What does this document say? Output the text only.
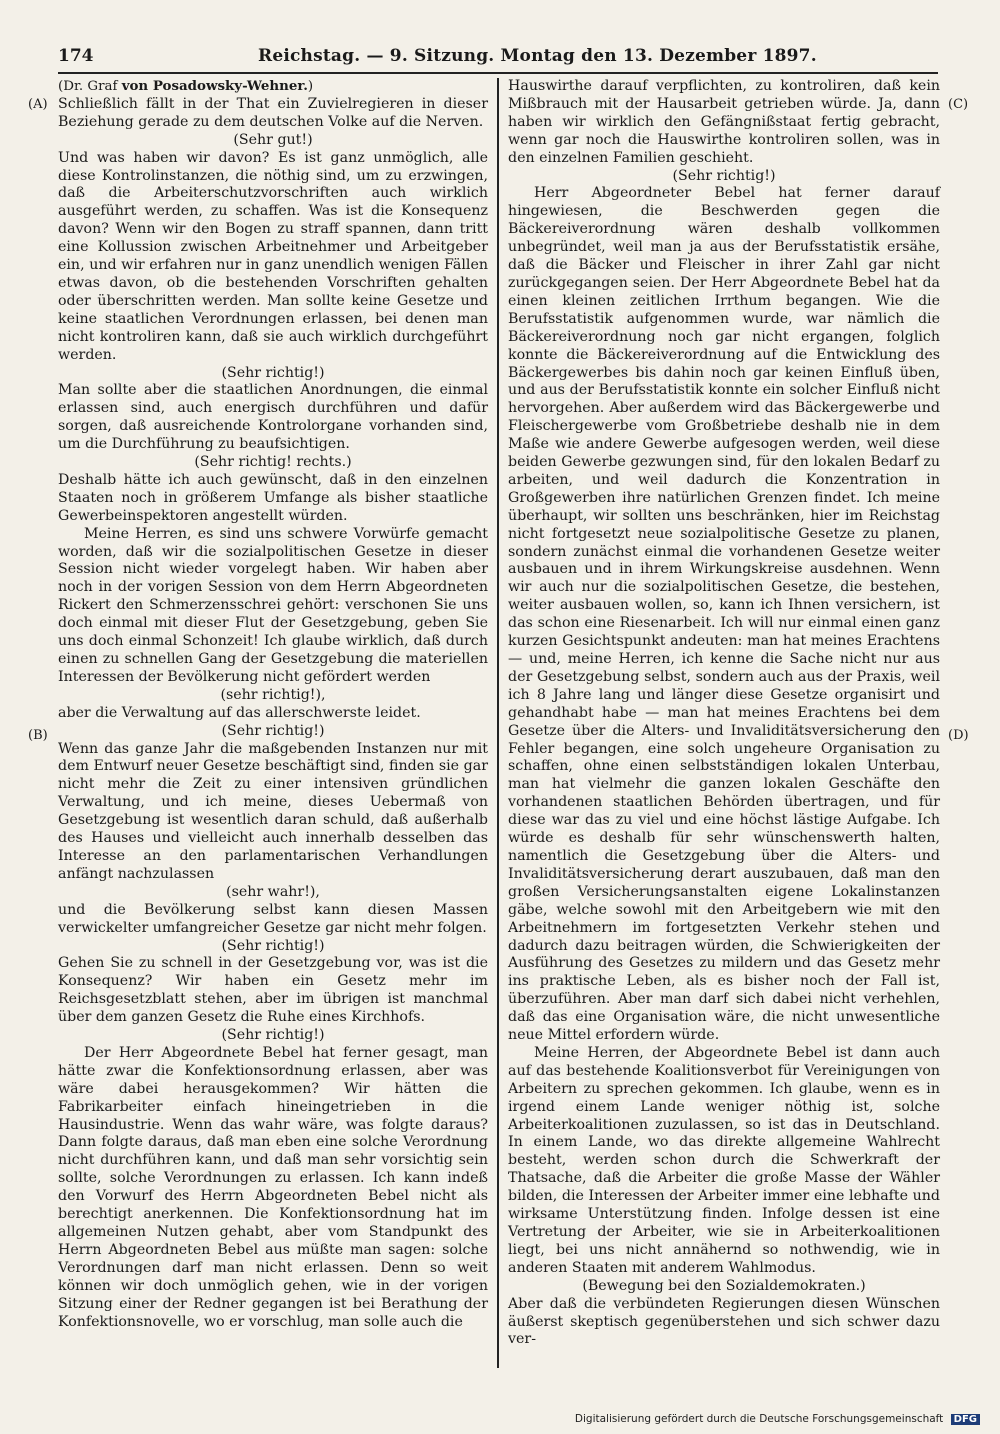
174	Reichstag. — 9. Sitzung. Montag den 13. Dezember 1897.
(A)
(B)
(C)
(D)

(Dr. Graf von Posadowsky-Wehner.)

Schließlich fällt in der That ein Zuvielregieren in dieser Beziehung gerade zu dem deutschen Volke auf die Nerven.

(Sehr gut!)

Und was haben wir davon? Es ist ganz unmöglich, alle diese Kontrolinstanzen, die nöthig sind, um zu erzwingen, daß die Arbeiterschutzvorschriften auch wirklich ausgeführt werden, zu schaffen. Was ist die Konsequenz davon? Wenn wir den Bogen zu straff spannen, dann tritt eine Kollussion zwischen Arbeitnehmer und Arbeitgeber ein, und wir erfahren nur in ganz unendlich wenigen Fällen etwas davon, ob die bestehenden Vorschriften gehalten oder überschritten werden. Man sollte keine Gesetze und keine staatlichen Verordnungen erlassen, bei denen man nicht kontroliren kann, daß sie auch wirklich durchgeführt werden.

(Sehr richtig!)

Man sollte aber die staatlichen Anordnungen, die einmal erlassen sind, auch energisch durchführen und dafür sorgen, daß ausreichende Kontrolorgane vorhanden sind, um die Durchführung zu beaufsichtigen.

(Sehr richtig! rechts.)

Deshalb hätte ich auch gewünscht, daß in den einzelnen Staaten noch in größerem Umfange als bisher staatliche Gewerbeinspektoren angestellt würden.

Meine Herren, es sind uns schwere Vorwürfe gemacht worden, daß wir die sozialpolitischen Gesetze in dieser Session nicht wieder vorgelegt haben. Wir haben aber noch in der vorigen Session von dem Herrn Abgeordneten Rickert den Schmerzensschrei gehört: verschonen Sie uns doch einmal mit dieser Flut der Gesetzgebung, geben Sie uns doch einmal Schonzeit! Ich glaube wirklich, daß durch einen zu schnellen Gang der Gesetzgebung die materiellen Interessen der Bevölkerung nicht gefördert werden

(sehr richtig!),

aber die Verwaltung auf das allerschwerste leidet.

(Sehr richtig!)

Wenn das ganze Jahr die maßgebenden Instanzen nur mit dem Entwurf neuer Gesetze beschäftigt sind, finden sie gar nicht mehr die Zeit zu einer intensiven gründlichen Verwaltung, und ich meine, dieses Uebermaß von Gesetzgebung ist wesentlich daran schuld, daß außerhalb des Hauses und vielleicht auch innerhalb desselben das Interesse an den parlamentarischen Verhandlungen anfängt nachzulassen

(sehr wahr!),

und die Bevölkerung selbst kann diesen Massen verwickelter umfangreicher Gesetze gar nicht mehr folgen.

(Sehr richtig!)

Gehen Sie zu schnell in der Gesetzgebung vor, was ist die Konsequenz? Wir haben ein Gesetz mehr im Reichsgesetzblatt stehen, aber im übrigen ist manchmal über dem ganzen Gesetz die Ruhe eines Kirchhofs.

(Sehr richtig!)

Der Herr Abgeordnete Bebel hat ferner gesagt, man hätte zwar die Konfektionsordnung erlassen, aber was wäre dabei herausgekommen? Wir hätten die Fabrikarbeiter einfach hineingetrieben in die Hausindustrie. Wenn das wahr wäre, was folgte daraus? Dann folgte daraus, daß man eben eine solche Verordnung nicht durchführen kann, und daß man sehr vorsichtig sein sollte, solche Verordnungen zu erlassen. Ich kann indeß den Vorwurf des Herrn Abgeordneten Bebel nicht als berechtigt anerkennen. Die Konfektionsordnung hat im allgemeinen Nutzen gehabt, aber vom Standpunkt des Herrn Abgeordneten Bebel aus müßte man sagen: solche Verordnungen darf man nicht erlassen. Denn so weit können wir doch unmöglich gehen, wie in der vorigen Sitzung einer der Redner gegangen ist bei Berathung der Konfektionsnovelle, wo er vorschlug, man solle auch die

Hauswirthe darauf verpflichten, zu kontroliren, daß kein Mißbrauch mit der Hausarbeit getrieben würde. Ja, dann haben wir wirklich den Gefängnißstaat fertig gebracht, wenn gar noch die Hauswirthe kontroliren sollen, was in den einzelnen Familien geschieht.

(Sehr richtig!)

Herr Abgeordneter Bebel hat ferner darauf hingewiesen, die Beschwerden gegen die Bäckereiverordnung wären deshalb vollkommen unbegründet, weil man ja aus der Berufsstatistik ersähe, daß die Bäcker und Fleischer in ihrer Zahl gar nicht zurückgegangen seien. Der Herr Abgeordnete Bebel hat da einen kleinen zeitlichen Irrthum begangen. Wie die Berufsstatistik aufgenommen wurde, war nämlich die Bäckereiverordnung noch gar nicht ergangen, folglich konnte die Bäckereiverordnung auf die Entwicklung des Bäckergewerbes bis dahin noch gar keinen Einfluß üben, und aus der Berufsstatistik konnte ein solcher Einfluß nicht hervorgehen. Aber außerdem wird das Bäckergewerbe und Fleischergewerbe vom Großbetriebe deshalb nie in dem Maße wie andere Gewerbe aufgesogen werden, weil diese beiden Gewerbe gezwungen sind, für den lokalen Bedarf zu arbeiten, und weil dadurch die Konzentration in Großgewerben ihre natürlichen Grenzen findet. Ich meine überhaupt, wir sollten uns beschränken, hier im Reichstag nicht fortgesetzt neue sozialpolitische Gesetze zu planen, sondern zunächst einmal die vorhandenen Gesetze weiter ausbauen und in ihrem Wirkungskreise ausdehnen. Wenn wir auch nur die sozialpolitischen Gesetze, die bestehen, weiter ausbauen wollen, so, kann ich Ihnen versichern, ist das schon eine Riesenarbeit. Ich will nur einmal einen ganz kurzen Gesichtspunkt andeuten: man hat meines Erachtens — und, meine Herren, ich kenne die Sache nicht nur aus der Gesetzgebung selbst, sondern auch aus der Praxis, weil ich 8 Jahre lang und länger diese Gesetze organisirt und gehandhabt habe — man hat meines Erachtens bei dem Gesetze über die Alters- und Invaliditätsversicherung den Fehler begangen, eine solch ungeheure Organisation zu schaffen, ohne einen selbstständigen lokalen Unterbau, man hat vielmehr die ganzen lokalen Geschäfte den vorhandenen staatlichen Behörden übertragen, und für diese war das zu viel und eine höchst lästige Aufgabe. Ich würde es deshalb für sehr wünschenswerth halten, namentlich die Gesetzgebung über die Alters- und Invaliditätsversicherung derart auszubauen, daß man den großen Versicherungsanstalten eigene Lokalinstanzen gäbe, welche sowohl mit den Arbeitgebern wie mit den Arbeitnehmern im fortgesetzten Verkehr stehen und dadurch dazu beitragen würden, die Schwierigkeiten der Ausführung des Gesetzes zu mildern und das Gesetz mehr ins praktische Leben, als es bisher noch der Fall ist, überzuführen. Aber man darf sich dabei nicht verhehlen, daß das eine Organisation wäre, die nicht unwesentliche neue Mittel erfordern würde.

Meine Herren, der Abgeordnete Bebel ist dann auch auf das bestehende Koalitionsverbot für Vereinigungen von Arbeitern zu sprechen gekommen. Ich glaube, wenn es in irgend einem Lande weniger nöthig ist, solche Arbeiterkoalitionen zuzulassen, so ist das in Deutschland. In einem Lande, wo das direkte allgemeine Wahlrecht besteht, werden schon durch die Schwerkraft der Thatsache, daß die Arbeiter die große Masse der Wähler bilden, die Interessen der Arbeiter immer eine lebhafte und wirksame Unterstützung finden. Infolge dessen ist eine Vertretung der Arbeiter, wie sie in Arbeiterkoalitionen liegt, bei uns nicht annähernd so nothwendig, wie in anderen Staaten mit anderem Wahlmodus.

(Bewegung bei den Sozialdemokraten.)

Aber daß die verbündeten Regierungen diesen Wünschen äußerst skeptisch gegenüberstehen und sich schwer dazu ver-

Digitalisierung gefördert durch die Deutsche Forschungsgemeinschaft DFG
